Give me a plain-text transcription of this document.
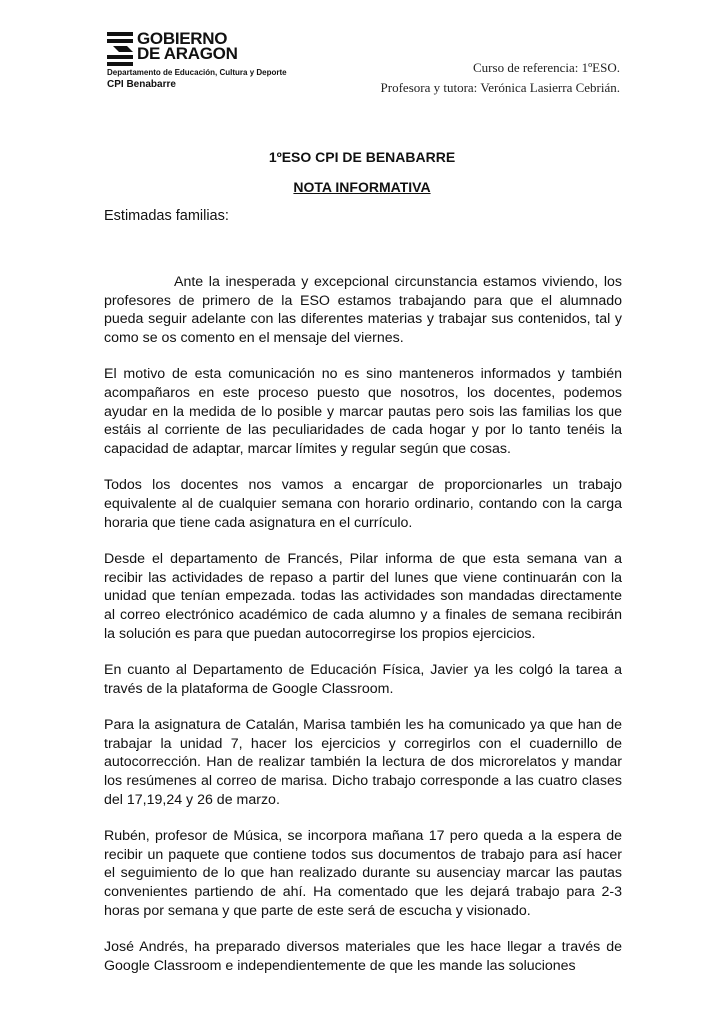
GOBIERNO
DE ARAGON
Departamento de Educación, Cultura y Deporte
CPI Benabarre
Curso de referencia: 1ºESO.
Profesora y tutora: Verónica Lasierra Cebrián.
1ºESO CPI DE BENABARRE
NOTA INFORMATIVA
Estimadas familias:

Ante la inesperada y excepcional circunstancia estamos viviendo, los profesores de primero de la ESO estamos trabajando para que el alumnado pueda seguir adelante con las diferentes materias y trabajar sus contenidos, tal y como se os comento en el mensaje del viernes.

El motivo de esta comunicación no es sino manteneros informados y también acompañaros en este proceso puesto que nosotros, los docentes, podemos ayudar en la medida de lo posible y marcar pautas pero sois las familias los que estáis al corriente de las peculiaridades de cada hogar y por lo tanto tenéis la capacidad de adaptar, marcar límites y regular según que cosas.

Todos los docentes nos vamos a encargar de proporcionarles un trabajo equivalente al de cualquier semana con horario ordinario, contando con la carga horaria que tiene cada asignatura en el currículo.

Desde el departamento de Francés, Pilar informa de que esta semana van a recibir las actividades de repaso a partir del lunes que viene continuarán con la unidad que tenían empezada. todas las actividades son mandadas directamente al correo electrónico académico de cada alumno y a finales de semana recibirán la solución es para que puedan autocorregirse los propios ejercicios.

En cuanto al Departamento de Educación Física, Javier ya les colgó la tarea a través de la plataforma de Google Classroom.

Para la asignatura de Catalán, Marisa también les ha comunicado ya que han de trabajar la unidad 7, hacer los ejercicios y corregirlos con el cuadernillo de autocorrección. Han de realizar también la lectura de dos microrelatos y mandar los resúmenes al correo de marisa. Dicho trabajo corresponde a las cuatro clases del 17,19,24 y 26 de marzo.

Rubén, profesor de Música, se incorpora mañana 17 pero queda a la espera de recibir un paquete que contiene todos sus documentos de trabajo para así hacer el seguimiento de lo que han realizado durante su ausenciay marcar las pautas convenientes partiendo de ahí. Ha comentado que les dejará trabajo para 2-3 horas por semana y que parte de este será de escucha y visionado.

José Andrés, ha preparado diversos materiales que les hace llegar a través de Google Classroom e independientemente de que les mande las soluciones
